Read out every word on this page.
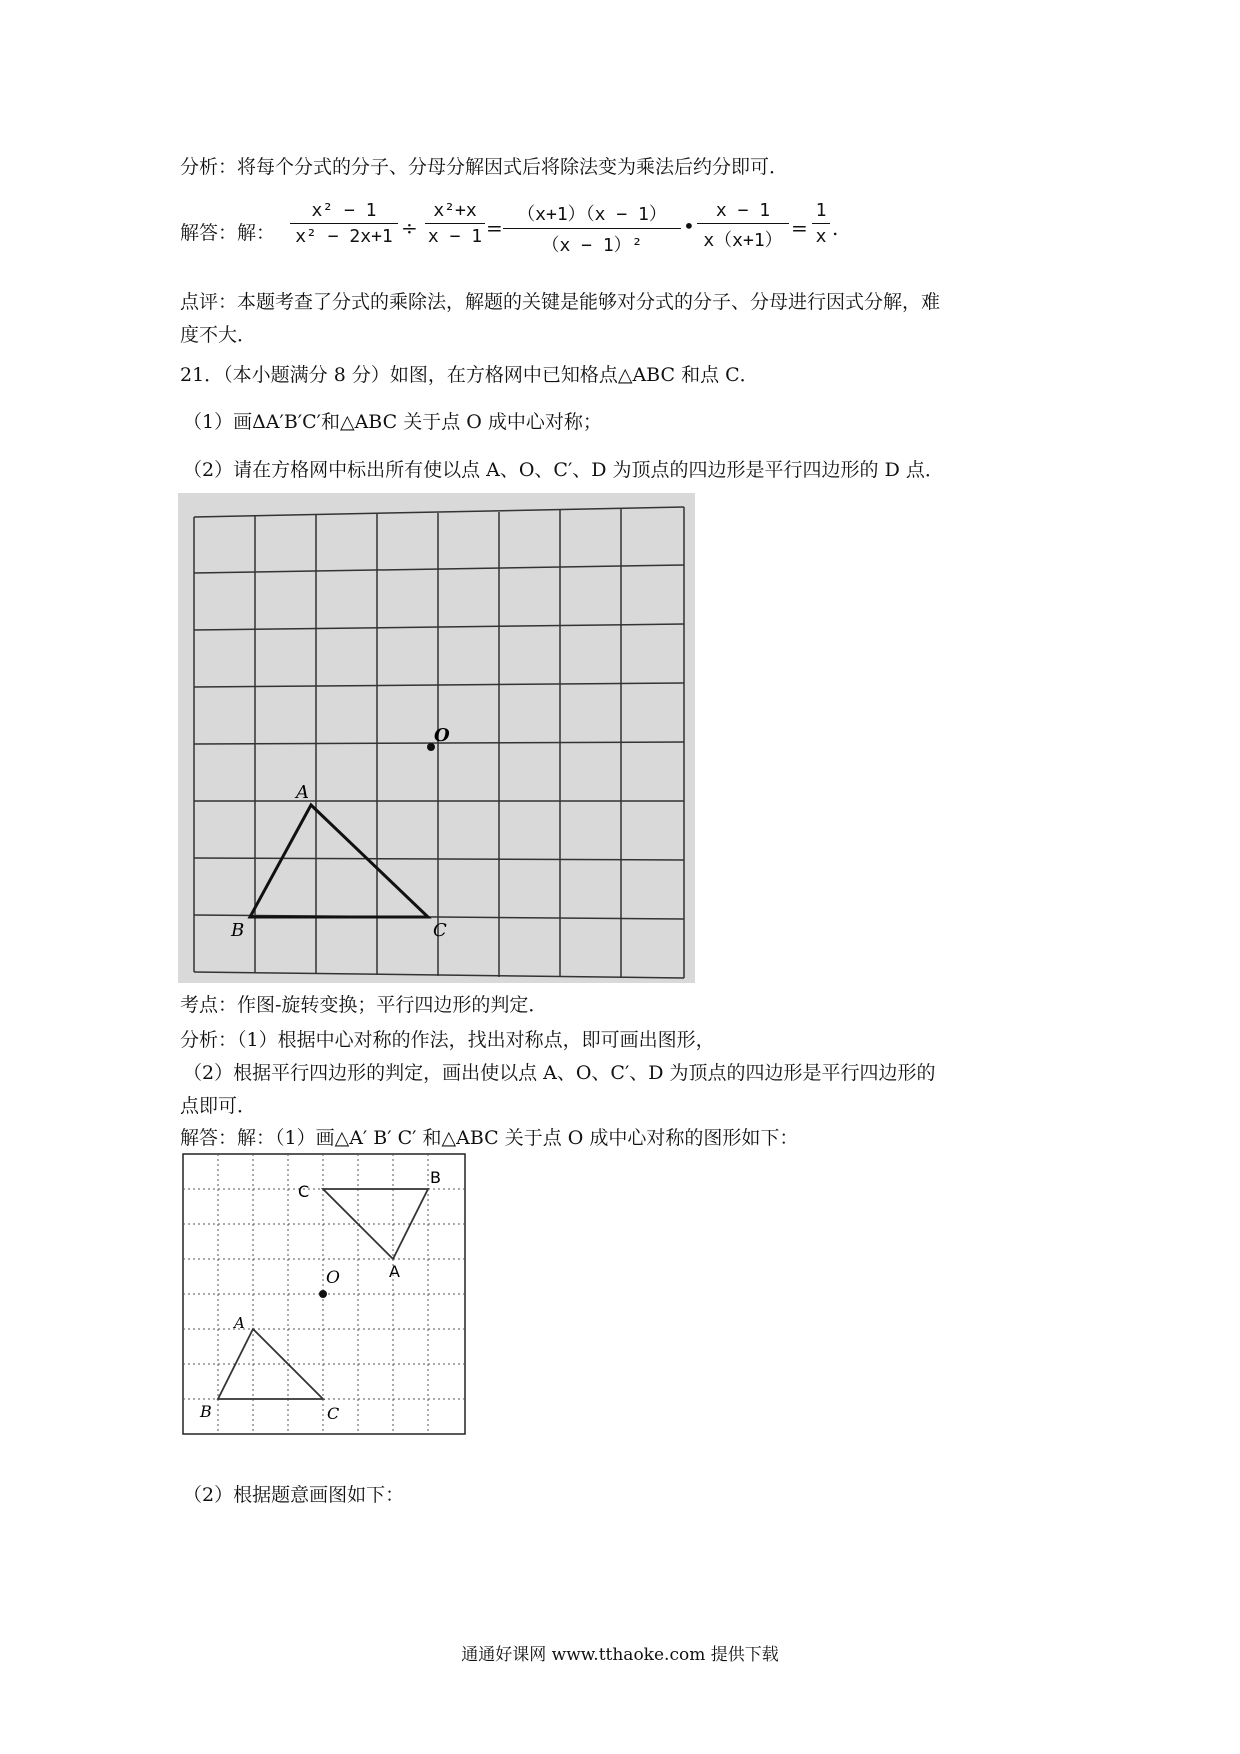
分析：将每个分式的分子、分母分解因式后将除法变为乘法后约分即可．
解答：解：
x² − 1
x² − 2x+1 ÷
x²+x
x − 1 =
（x+1）（x − 1）
（x − 1）²
•
x − 1
x（x+1）
=
1
x .
点评：本题考查了分式的乘除法，解题的关键是能够对分式的分子、分母进行因式分解，难
度不大．
21．（本小题满分 8 分）如图，在方格网中已知格点△ABC 和点 C．
（1）画ΔA′B′C′和△ABC 关于点 O 成中心对称；
（2）请在方格网中标出所有使以点 A、O、C′、D 为顶点的四边形是平行四边形的 D 点．
O
A
B	C
考点：作图-旋转变换；平行四边形的判定．
分析：（1）根据中心对称的作法，找出对称点，即可画出图形，
（2）根据平行四边形的判定，画出使以点 A、O、C′、D 为顶点的四边形是平行四边形的
点即可．
解答：解：（1）画△A′ B′ C′ 和△ABC 关于点 O 成中心对称的图形如下：
C
B
A
O
A
B	C
（2）根据题意画图如下：
通通好课网 www.tthaoke.com 提供下载
